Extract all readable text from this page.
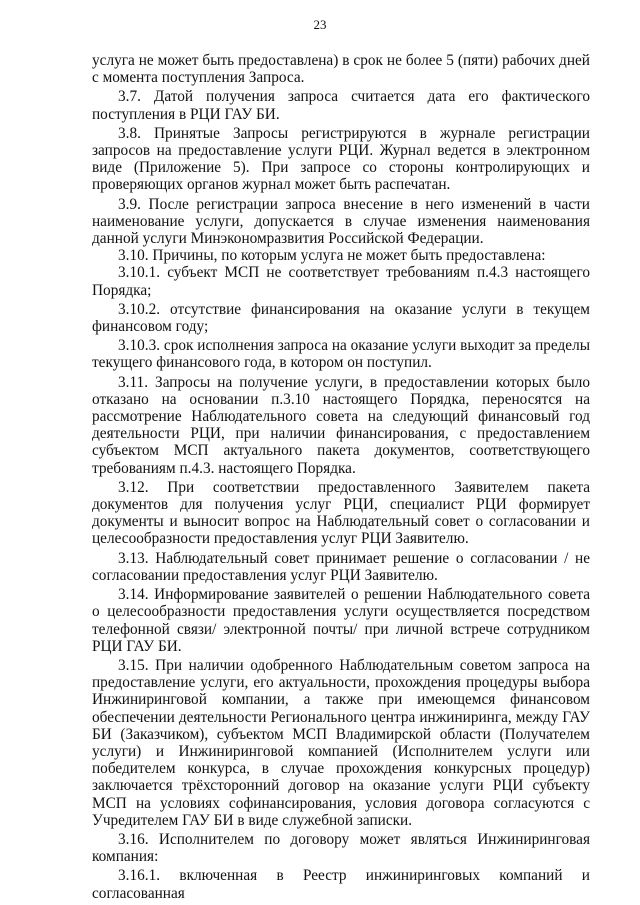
23

услуга не может быть предоставлена) в срок не более 5 (пяти) рабочих дней с момента поступления Запроса.

3.7. Датой получения запроса считается дата его фактического поступления в РЦИ ГАУ БИ.

3.8. Принятые Запросы регистрируются в журнале регистрации запросов на предоставление услуги РЦИ. Журнал ведется в электронном виде (Приложение 5). При запросе со стороны контролирующих и проверяющих органов журнал может быть распечатан.

3.9. После регистрации запроса внесение в него изменений в части наименование услуги, допускается в случае изменения наименования данной услуги Минэкономразвития Российской Федерации.

3.10. Причины, по которым услуга не может быть предоставлена:

3.10.1. субъект МСП не соответствует требованиям п.4.3 настоящего Порядка;

3.10.2. отсутствие финансирования на оказание услуги в текущем финансовом году;

3.10.3. срок исполнения запроса на оказание услуги выходит за пределы текущего финансового года, в котором он поступил.

3.11. Запросы на получение услуги, в предоставлении которых было отказано на основании п.3.10 настоящего Порядка, переносятся на рассмотрение Наблюдательного совета на следующий финансовый год деятельности РЦИ, при наличии финансирования, с предоставлением субъектом МСП актуального пакета документов, соответствующего требованиям п.4.3. настоящего Порядка.

3.12. При соответствии предоставленного Заявителем пакета документов для получения услуг РЦИ, специалист РЦИ формирует документы и выносит вопрос на Наблюдательный совет о согласовании и целесообразности предоставления услуг РЦИ Заявителю.

3.13. Наблюдательный совет принимает решение о согласовании / не согласовании предоставления услуг РЦИ Заявителю.

3.14. Информирование заявителей о решении Наблюдательного совета о целесообразности предоставления услуги осуществляется посредством телефонной связи/ электронной почты/ при личной встрече сотрудником РЦИ ГАУ БИ.

3.15. При наличии одобренного Наблюдательным советом запроса на предоставление услуги, его актуальности, прохождения процедуры выбора Инжиниринговой компании, а также при имеющемся финансовом обеспечении деятельности Регионального центра инжиниринга, между ГАУ БИ (Заказчиком), субъектом МСП Владимирской области (Получателем услуги) и Инжиниринговой компанией (Исполнителем услуги или победителем конкурса, в случае прохождения конкурсных процедур) заключается трёхсторонний договор на оказание услуги РЦИ субъекту МСП на условиях софинансирования, условия договора согласуются с Учредителем ГАУ БИ в виде служебной записки.

3.16. Исполнителем по договору может являться Инжиниринговая компания:

3.16.1. включенная в Реестр инжиниринговых компаний и согласованная
